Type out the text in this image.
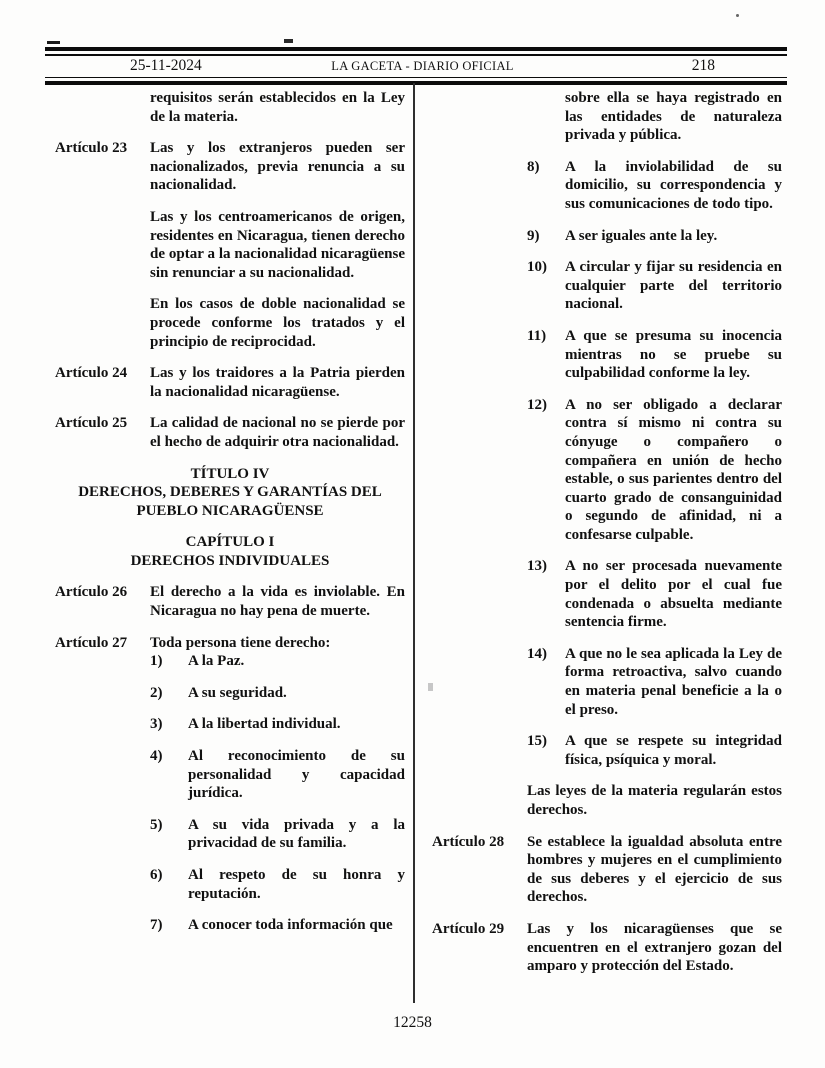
25-11-2024	LA GACETA - DIARIO OFICIAL	218
requisitos serán establecidos en la Ley de la materia.
Artículo 23	Las y los extranjeros pueden ser nacionalizados, previa renuncia a su nacionalidad.
Las y los centroamericanos de origen, residentes en Nicaragua, tienen derecho de optar a la nacionalidad nicaragüense sin renunciar a su nacionalidad.
En los casos de doble nacionalidad se procede conforme los tratados y el principio de reciprocidad.
Artículo 24	Las y los traidores a la Patria pierden la nacionalidad nicaragüense.
Artículo 25	La calidad de nacional no se pierde por el hecho de adquirir otra nacionalidad.
TÍTULO IV
DERECHOS, DEBERES Y GARANTÍAS DEL
PUEBLO NICARAGÜENSE
CAPÍTULO I
DERECHOS INDIVIDUALES
Artículo 26	El derecho a la vida es inviolable. En Nicaragua no hay pena de muerte.
Artículo 27	Toda persona tiene derecho:
1)	A la Paz.
2)	A su seguridad.
3)	A la libertad individual.
4)	Al reconocimiento de su personalidad y capacidad jurídica.
5)	A su vida privada y a la privacidad de su familia.
6)	Al respeto de su honra y reputación.
7)	A conocer toda información que
sobre ella se haya registrado en las entidades de naturaleza privada y pública.
8)	A la inviolabilidad de su domicilio, su correspondencia y sus comunicaciones de todo tipo.
9)	A ser iguales ante la ley.
10)	A circular y fijar su residencia en cualquier parte del territorio nacional.
11)	A que se presuma su inocencia mientras no se pruebe su culpabilidad conforme la ley.
12)	A no ser obligado a declarar contra sí mismo ni contra su cónyuge o compañero o compañera en unión de hecho estable, o sus parientes dentro del cuarto grado de consanguinidad o segundo de afinidad, ni a confesarse culpable.
13)	A no ser procesada nuevamente por el delito por el cual fue condenada o absuelta mediante sentencia firme.
14)	A que no le sea aplicada la Ley de forma retroactiva, salvo cuando en materia penal beneficie a la o el preso.
15)	A que se respete su integridad física, psíquica y moral.
Las leyes de la materia regularán estos derechos.
Artículo 28	Se establece la igualdad absoluta entre hombres y mujeres en el cumplimiento de sus deberes y el ejercicio de sus derechos.
Artículo 29	Las y los nicaragüenses que se encuentren en el extranjero gozan del amparo y protección del Estado.
12258
